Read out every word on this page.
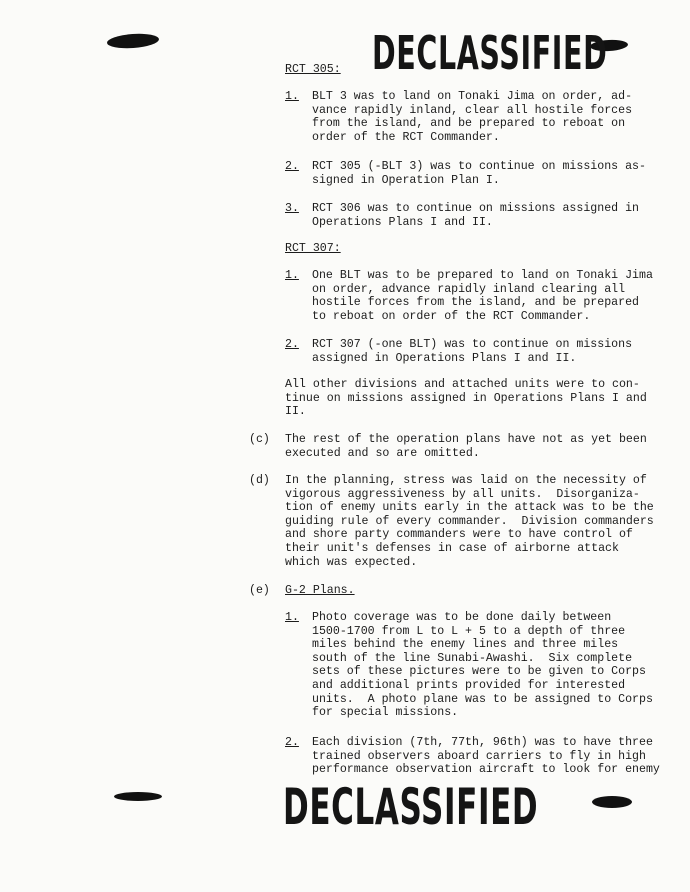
DECLASSIFIED
RCT 305:
1. BLT 3 was to land on Tonaki Jima on order, ad-
vance rapidly inland, clear all hostile forces
from the island, and be prepared to reboat on
order of the RCT Commander.
2. RCT 305 (-BLT 3) was to continue on missions as-
signed in Operation Plan I.
3. RCT 306 was to continue on missions assigned in
Operations Plans I and II.
RCT 307:
1. One BLT was to be prepared to land on Tonaki Jima
on order, advance rapidly inland clearing all
hostile forces from the island, and be prepared
to reboat on order of the RCT Commander.
2. RCT 307 (-one BLT) was to continue on missions
assigned in Operations Plans I and II.
All other divisions and attached units were to con-
tinue on missions assigned in Operations Plans I and
II.
(c) The rest of the operation plans have not as yet been
executed and so are omitted.
(d) In the planning, stress was laid on the necessity of
vigorous aggressiveness by all units.  Disorganiza-
tion of enemy units early in the attack was to be the
guiding rule of every commander.  Division commanders
and shore party commanders were to have control of
their unit's defenses in case of airborne attack
which was expected.
(e) G-2 Plans.
1. Photo coverage was to be done daily between
1500-1700 from L to L + 5 to a depth of three
miles behind the enemy lines and three miles
south of the line Sunabi-Awashi.  Six complete
sets of these pictures were to be given to Corps
and additional prints provided for interested
units.  A photo plane was to be assigned to Corps
for special missions.
2. Each division (7th, 77th, 96th) was to have three
trained observers aboard carriers to fly in high
performance observation aircraft to look for enemy
DECLASSIFIED
